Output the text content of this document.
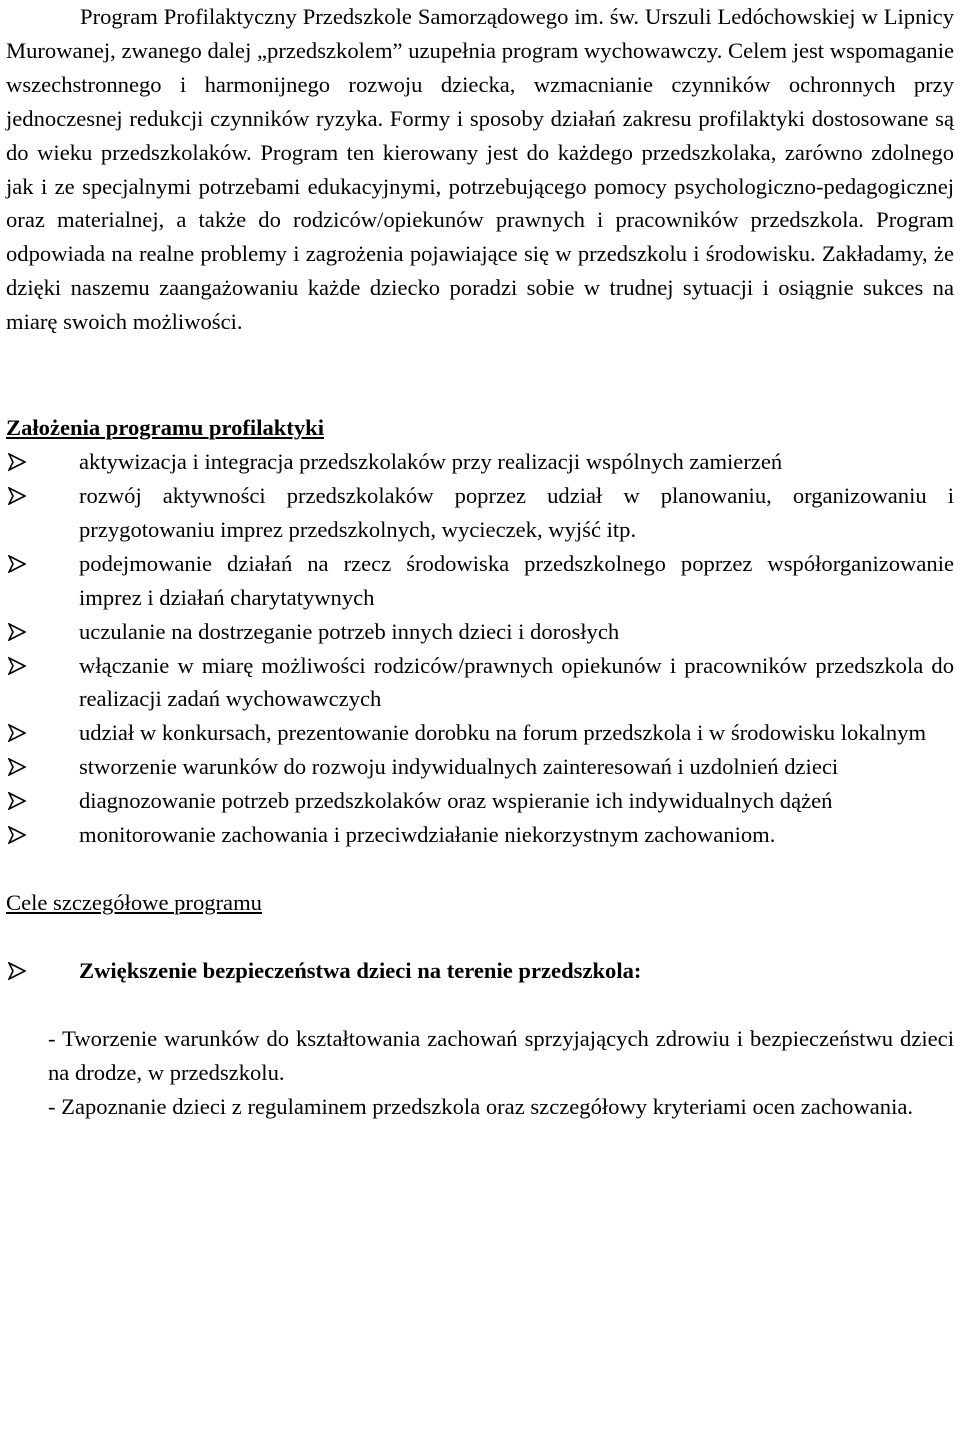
Program Profilaktyczny Przedszkole Samorządowego im. św. Urszuli Ledóchowskiej w Lipnicy Murowanej, zwanego dalej „przedszkolem” uzupełnia program wychowawczy. Celem jest wspomaganie wszechstronnego i harmonijnego rozwoju dziecka, wzmacnianie czynników ochronnych przy jednoczesnej redukcji czynników ryzyka. Formy i sposoby działań zakresu profilaktyki dostosowane są do wieku przedszkolaków. Program ten kierowany jest do każdego przedszkolaka, zarówno zdolnego jak i ze specjalnymi potrzebami edukacyjnymi, potrzebującego pomocy psychologiczno-pedagogicznej oraz materialnej, a także do rodziców/opiekunów prawnych i pracowników przedszkola. Program odpowiada na realne problemy i zagrożenia pojawiające się w przedszkolu i środowisku. Zakładamy, że dzięki naszemu zaangażowaniu każde dziecko poradzi sobie w trudnej sytuacji i osiągnie sukces na miarę swoich możliwości.

Założenia programu profilaktyki

aktywizacja i integracja przedszkolaków przy realizacji wspólnych zamierzeń
rozwój aktywności przedszkolaków poprzez udział w planowaniu, organizowaniu i przygotowaniu imprez przedszkolnych, wycieczek, wyjść itp.
podejmowanie działań na rzecz środowiska przedszkolnego poprzez współorganizowanie imprez i działań charytatywnych
uczulanie na dostrzeganie potrzeb innych dzieci i dorosłych
włączanie w miarę możliwości rodziców/prawnych opiekunów i pracowników przedszkola do realizacji zadań wychowawczych
udział w konkursach, prezentowanie dorobku na forum przedszkola i w środowisku lokalnym
stworzenie warunków do rozwoju indywidualnych zainteresowań i uzdolnień dzieci
diagnozowanie potrzeb przedszkolaków oraz wspieranie ich indywidualnych dążeń
monitorowanie zachowania i przeciwdziałanie niekorzystnym zachowaniom.

Cele szczegółowe programu

Zwiększenie bezpieczeństwa dzieci na terenie przedszkola:

- Tworzenie warunków do kształtowania zachowań sprzyjających zdrowiu i bezpieczeństwu dzieci na drodze, w przedszkolu.

- Zapoznanie dzieci z regulaminem przedszkola oraz szczegółowy kryteriami ocen zachowania.
